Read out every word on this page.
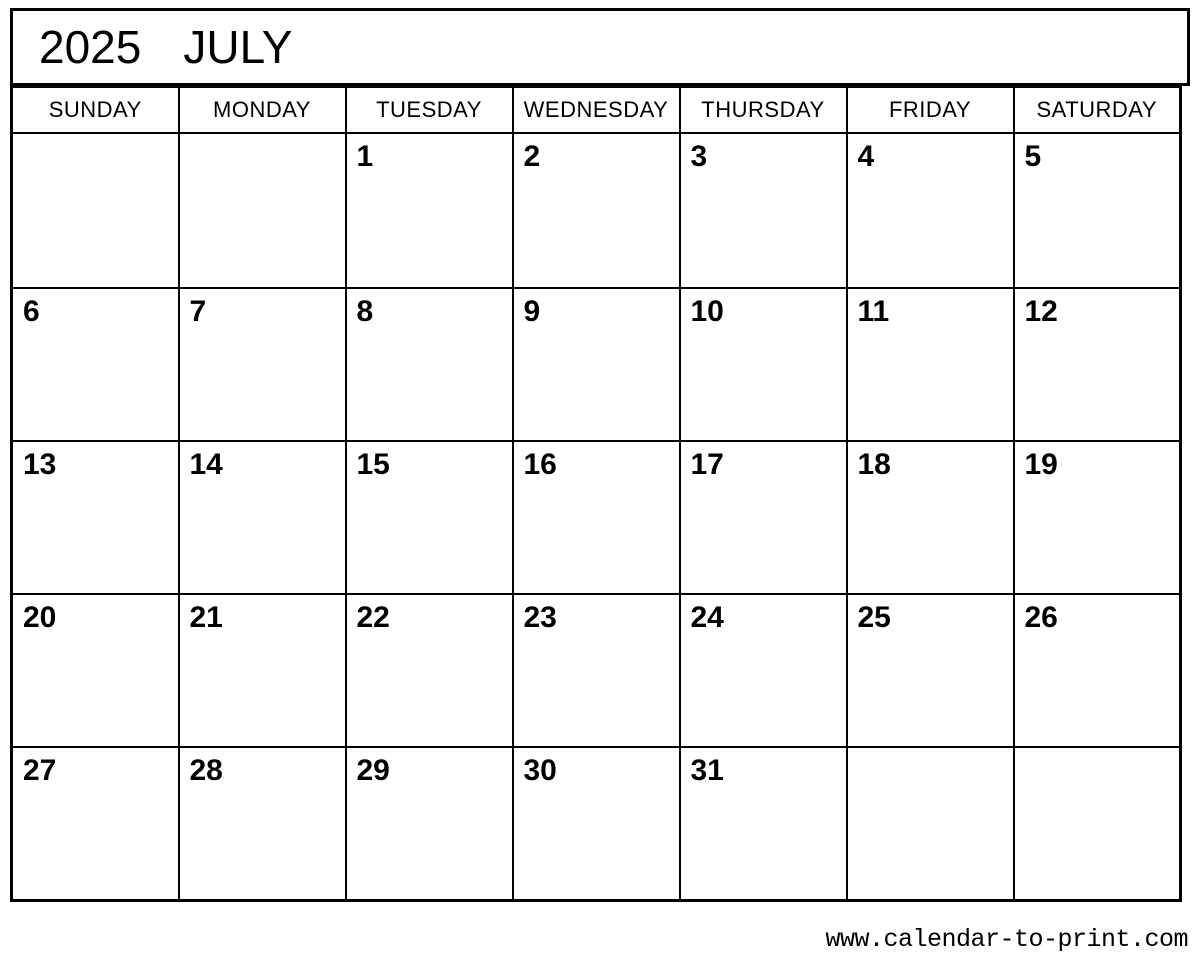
2025 JULY
SUNDAY	MONDAY	TUESDAY	WEDNESDAY	THURSDAY	FRIDAY	SATURDAY

		1	2	3	4	5

6	7	8	9	10	11	12

13	14	15	16	17	18	19

20	21	22	23	24	25	26

27	28	29	30	31		

www.calendar-to-print.com
